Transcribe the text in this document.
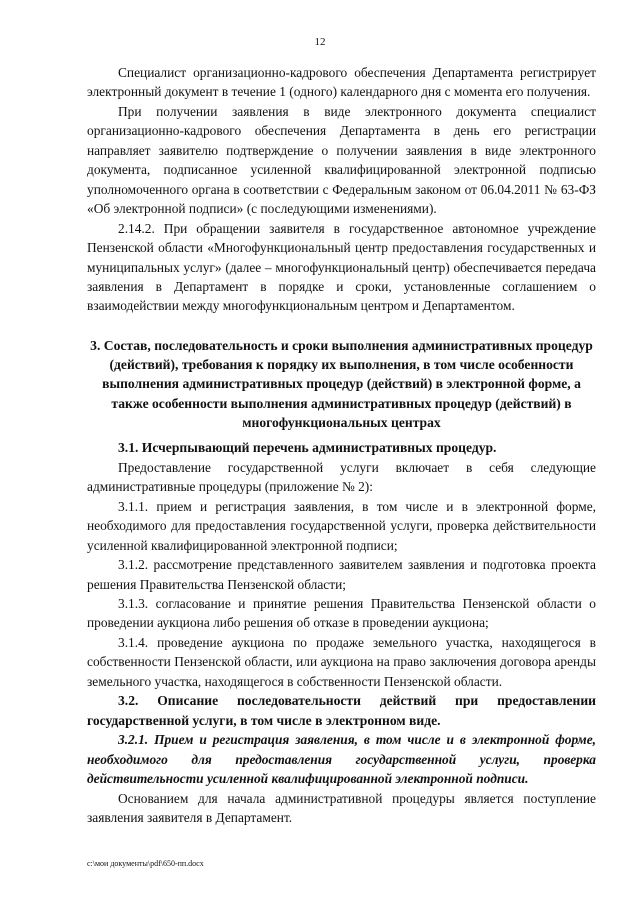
12

Специалист организационно-кадрового обеспечения Департамента регистрирует электронный документ в течение 1 (одного) календарного дня с момента его получения.

При получении заявления в виде электронного документа специалист организационно-кадрового обеспечения Департамента в день его регистрации направляет заявителю подтверждение о получении заявления в виде электронного документа, подписанное усиленной квалифицированной электронной подписью уполномоченного органа в соответствии с Федеральным законом от 06.04.2011 № 63-ФЗ «Об электронной подписи» (с последующими изменениями).

2.14.2. При обращении заявителя в государственное автономное учреждение Пензенской области «Многофункциональный центр предоставления государственных и муниципальных услуг» (далее – многофункциональный центр) обеспечивается передача заявления в Департамент в порядке и сроки, установленные соглашением о взаимодействии между многофункциональным центром и Департаментом.

3. Состав, последовательность и сроки выполнения административных процедур (действий), требования к порядку их выполнения, в том числе особенности выполнения административных процедур (действий) в электронной форме, а также особенности выполнения административных процедур (действий) в многофункциональных центрах

3.1. Исчерпывающий перечень административных процедур.

Предоставление государственной услуги включает в себя следующие административные процедуры (приложение № 2):

3.1.1. прием и регистрация заявления, в том числе и в электронной форме, необходимого для предоставления государственной услуги, проверка действительности усиленной квалифицированной электронной подписи;

3.1.2. рассмотрение представленного заявителем заявления и подготовка проекта решения Правительства Пензенской области;

3.1.3. согласование и принятие решения Правительства Пензенской области о проведении аукциона либо решения об отказе в проведении аукциона;

3.1.4. проведение аукциона по продаже земельного участка, находящегося в собственности Пензенской области, или аукциона на право заключения договора аренды земельного участка, находящегося в собственности Пензенской области.

3.2. Описание последовательности действий при предоставлении государственной услуги, в том числе в электронном виде.

3.2.1. Прием и регистрация заявления, в том числе и в электронной форме, необходимого для предоставления государственной услуги, проверка действительности усиленной квалифицированной электронной подписи.

Основанием для начала административной процедуры является поступление заявления заявителя в Департамент.

c:\мои документы\pdf\650-пп.docx
